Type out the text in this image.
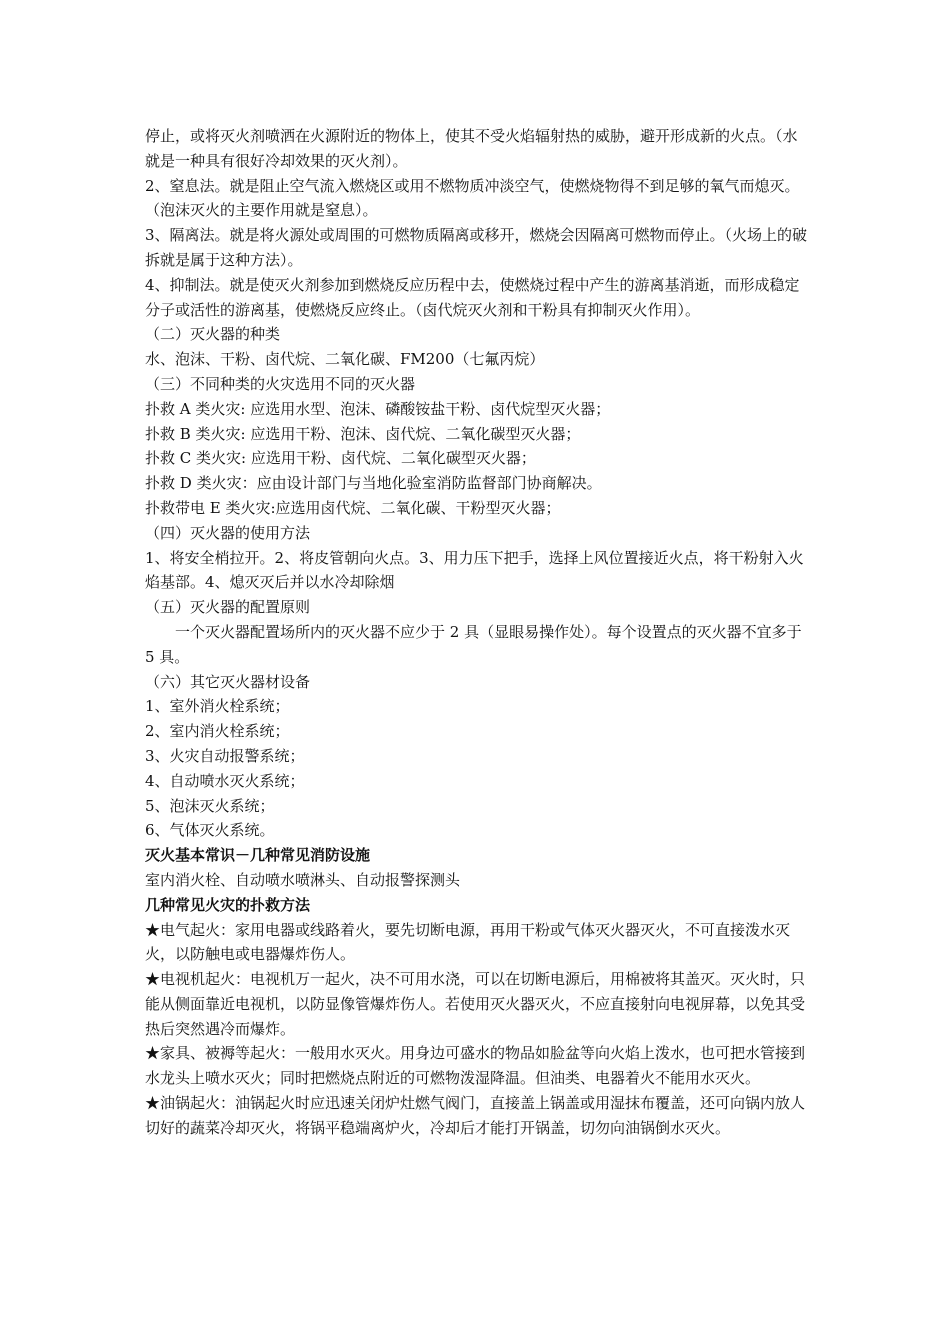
停止，或将灭火剂喷洒在火源附近的物体上，使其不受火焰辐射热的威胁，避开形成新的火点。（水就是一种具有很好冷却效果的灭火剂）。

2、窒息法。就是阻止空气流入燃烧区或用不燃物质冲淡空气，使燃烧物得不到足够的氧气而熄灭。（泡沫灭火的主要作用就是窒息）。

3、隔离法。就是将火源处或周围的可燃物质隔离或移开，燃烧会因隔离可燃物而停止。（火场上的破拆就是属于这种方法）。

4、抑制法。就是使灭火剂参加到燃烧反应历程中去，使燃烧过程中产生的游离基消逝，而形成稳定分子或活性的游离基，使燃烧反应终止。（卤代烷灭火剂和干粉具有抑制灭火作用）。

（二）灭火器的种类

水、泡沫、干粉、卤代烷、二氧化碳、FM200（七氟丙烷）

（三）不同种类的火灾选用不同的灭火器

扑救 A 类火灾: 应选用水型、泡沫、磷酸铵盐干粉、卤代烷型灭火器；

扑救 B 类火灾: 应选用干粉、泡沫、卤代烷、二氧化碳型灭火器；

扑救 C 类火灾: 应选用干粉、卤代烷、二氧化碳型灭火器；

扑救 D 类火灾：应由设计部门与当地化验室消防监督部门协商解决。

扑救带电 E 类火灾:应选用卤代烷、二氧化碳、干粉型灭火器；

（四）灭火器的使用方法

1、将安全梢拉开。2、将皮管朝向火点。3、用力压下把手，选择上风位置接近火点，将干粉射入火焰基部。4、熄灭灭后并以水冷却除烟

（五）灭火器的配置原则

一个灭火器配置场所内的灭火器不应少于 2 具（显眼易操作处）。每个设置点的灭火器不宜多于 5 具。

（六）其它灭火器材设备

1、室外消火栓系统；

2、室内消火栓系统；

3、火灾自动报警系统；

4、自动喷水灭火系统；

5、泡沫灭火系统；

6、气体灭火系统。

灭火基本常识－几种常见消防设施

室内消火栓、自动喷水喷淋头、自动报警探测头

几种常见火灾的扑救方法

★电气起火：家用电器或线路着火，要先切断电源，再用干粉或气体灭火器灭火，不可直接泼水灭火，以防触电或电器爆炸伤人。

★电视机起火：电视机万一起火，决不可用水浇，可以在切断电源后，用棉被将其盖灭。灭火时，只能从侧面靠近电视机，以防显像管爆炸伤人。若使用灭火器灭火，不应直接射向电视屏幕，以免其受热后突然遇冷而爆炸。

★家具、被褥等起火：一般用水灭火。用身边可盛水的物品如脸盆等向火焰上泼水，也可把水管接到水龙头上喷水灭火；同时把燃烧点附近的可燃物泼湿降温。但油类、电器着火不能用水灭火。

★油锅起火：油锅起火时应迅速关闭炉灶燃气阀门，直接盖上锅盖或用湿抹布覆盖，还可向锅内放人切好的蔬菜冷却灭火，将锅平稳端离炉火，冷却后才能打开锅盖，切勿向油锅倒水灭火。
